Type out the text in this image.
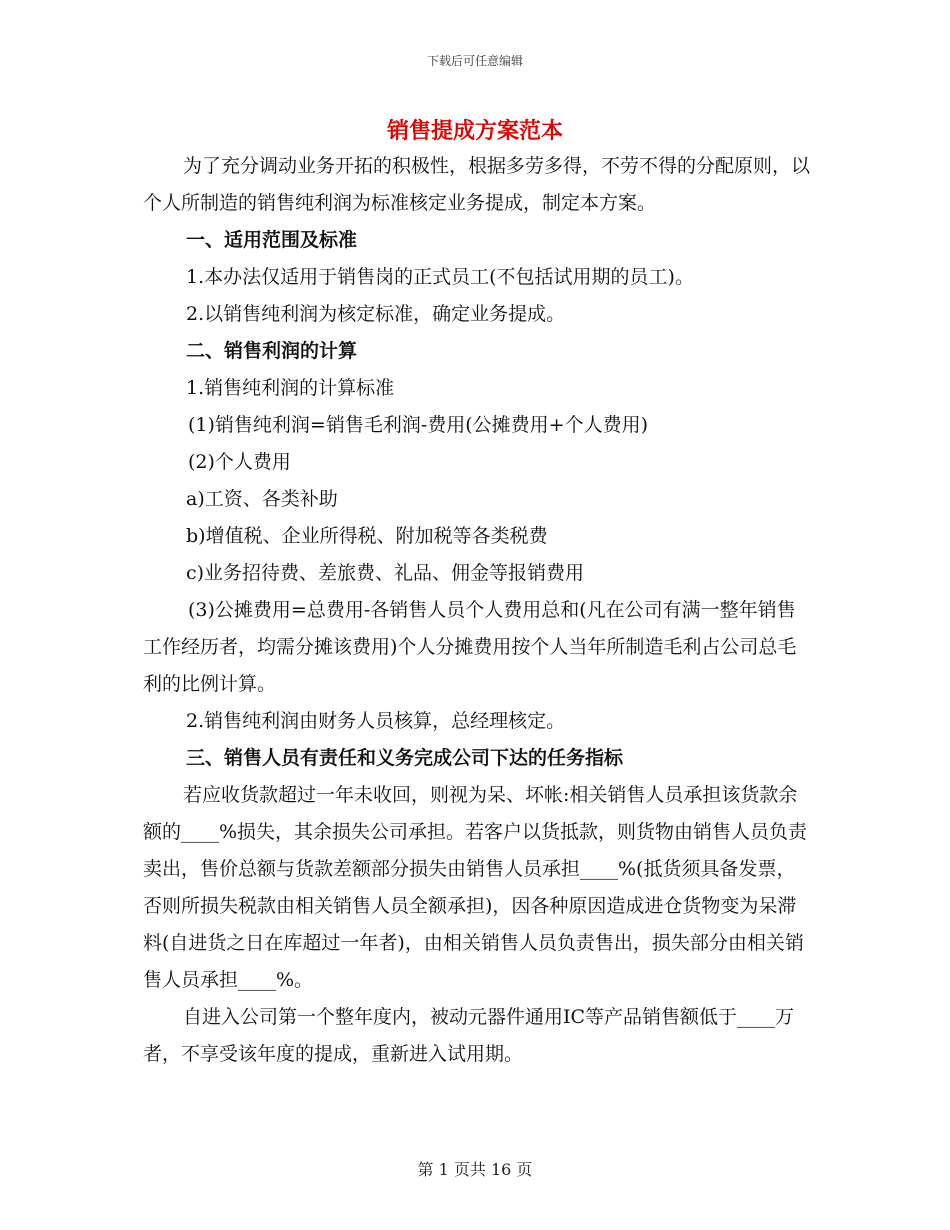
下载后可任意编辑
销售提成方案范本

为了充分调动业务开拓的积极性，根据多劳多得，不劳不得的分配原则，以个人所制造的销售纯利润为标准核定业务提成，制定本方案。

一、适用范围及标准

1.本办法仅适用于销售岗的正式员工(不包括试用期的员工)。

2.以销售纯利润为核定标准，确定业务提成。

二、销售利润的计算

1.销售纯利润的计算标准

(1)销售纯利润=销售毛利润-费用(公摊费用+个人费用)

(2)个人费用

a)工资、各类补助

b)增值税、企业所得税、附加税等各类税费

c)业务招待费、差旅费、礼品、佣金等报销费用

(3)公摊费用=总费用-各销售人员个人费用总和(凡在公司有满一整年销售工作经历者，均需分摊该费用)个人分摊费用按个人当年所制造毛利占公司总毛利的比例计算。

2.销售纯利润由财务人员核算，总经理核定。

三、销售人员有责任和义务完成公司下达的任务指标

若应收货款超过一年未收回，则视为呆、坏帐:相关销售人员承担该货款余额的____%损失，其余损失公司承担。若客户以货抵款，则货物由销售人员负责卖出，售价总额与货款差额部分损失由销售人员承担____%(抵货须具备发票，否则所损失税款由相关销售人员全额承担)，因各种原因造成进仓货物变为呆滞料(自进货之日在库超过一年者)，由相关销售人员负责售出，损失部分由相关销售人员承担____%。

自进入公司第一个整年度内，被动元器件通用IC等产品销售额低于____万者，不享受该年度的提成，重新进入试用期。

第 1 页共 16 页
